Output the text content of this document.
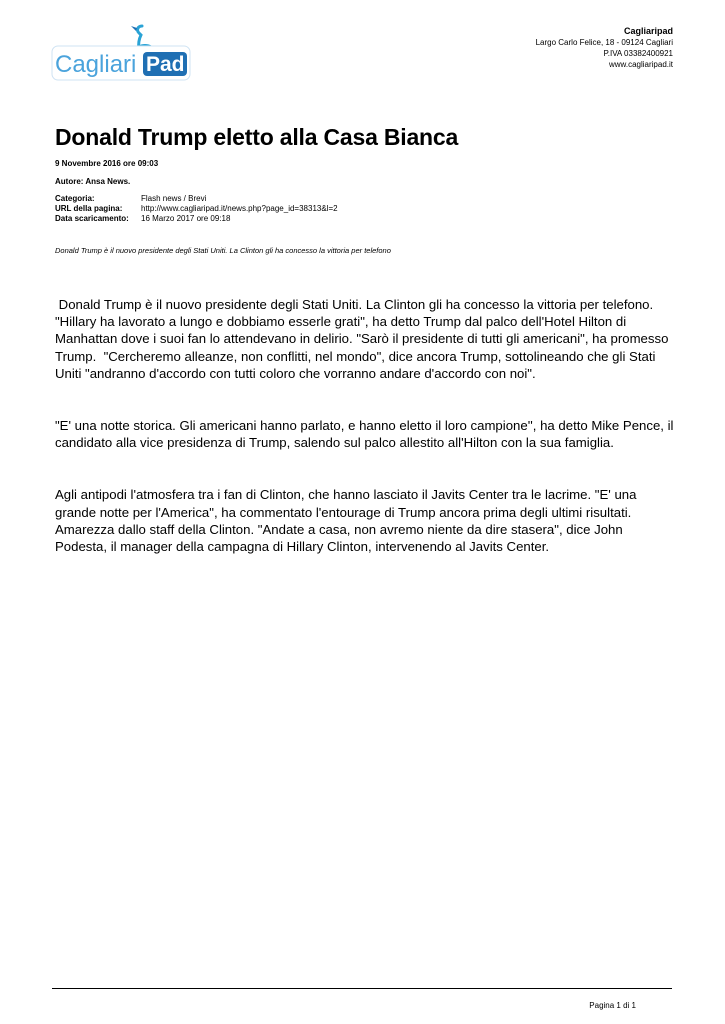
Cagliari Pad
Cagliaripad
Largo Carlo Felice, 18 - 09124 Cagliari
P.IVA 03382400921
www.cagliaripad.it
Donald Trump eletto alla Casa Bianca
9 Novembre 2016 ore 09:03
Autore: Ansa News.
Categoria:	Flash news / Brevi
URL della pagina:	http://www.cagliaripad.it/news.php?page_id=38313&l=2
Data scaricamento:	16 Marzo 2017 ore 09:18
Donald Trump è il nuovo presidente degli Stati Uniti. La Clinton gli ha concesso la vittoria per telefono

Donald Trump è il nuovo presidente degli Stati Uniti. La Clinton gli ha concesso la vittoria per telefono. "Hillary ha lavorato a lungo e dobbiamo esserle grati", ha detto Trump dal palco dell'Hotel Hilton di Manhattan dove i suoi fan lo attendevano in delirio. "Sarò il presidente di tutti gli americani", ha promesso Trump.  "Cercheremo alleanze, non conflitti, nel mondo", dice ancora Trump, sottolineando che gli Stati Uniti "andranno d'accordo con tutti coloro che vorranno andare d'accordo con noi".

"E' una notte storica. Gli americani hanno parlato, e hanno eletto il loro campione'', ha detto Mike Pence, il candidato alla vice presidenza di Trump, salendo sul palco allestito all'Hilton con la sua famiglia.

Agli antipodi l'atmosfera tra i fan di Clinton, che hanno lasciato il Javits Center tra le lacrime. "E' una grande notte per l'America", ha commentato l'entourage di Trump ancora prima degli ultimi risultati. Amarezza dallo staff della Clinton. "Andate a casa, non avremo niente da dire stasera", dice John Podesta, il manager della campagna di Hillary Clinton, intervenendo al Javits Center.

Pagina 1 di 1
